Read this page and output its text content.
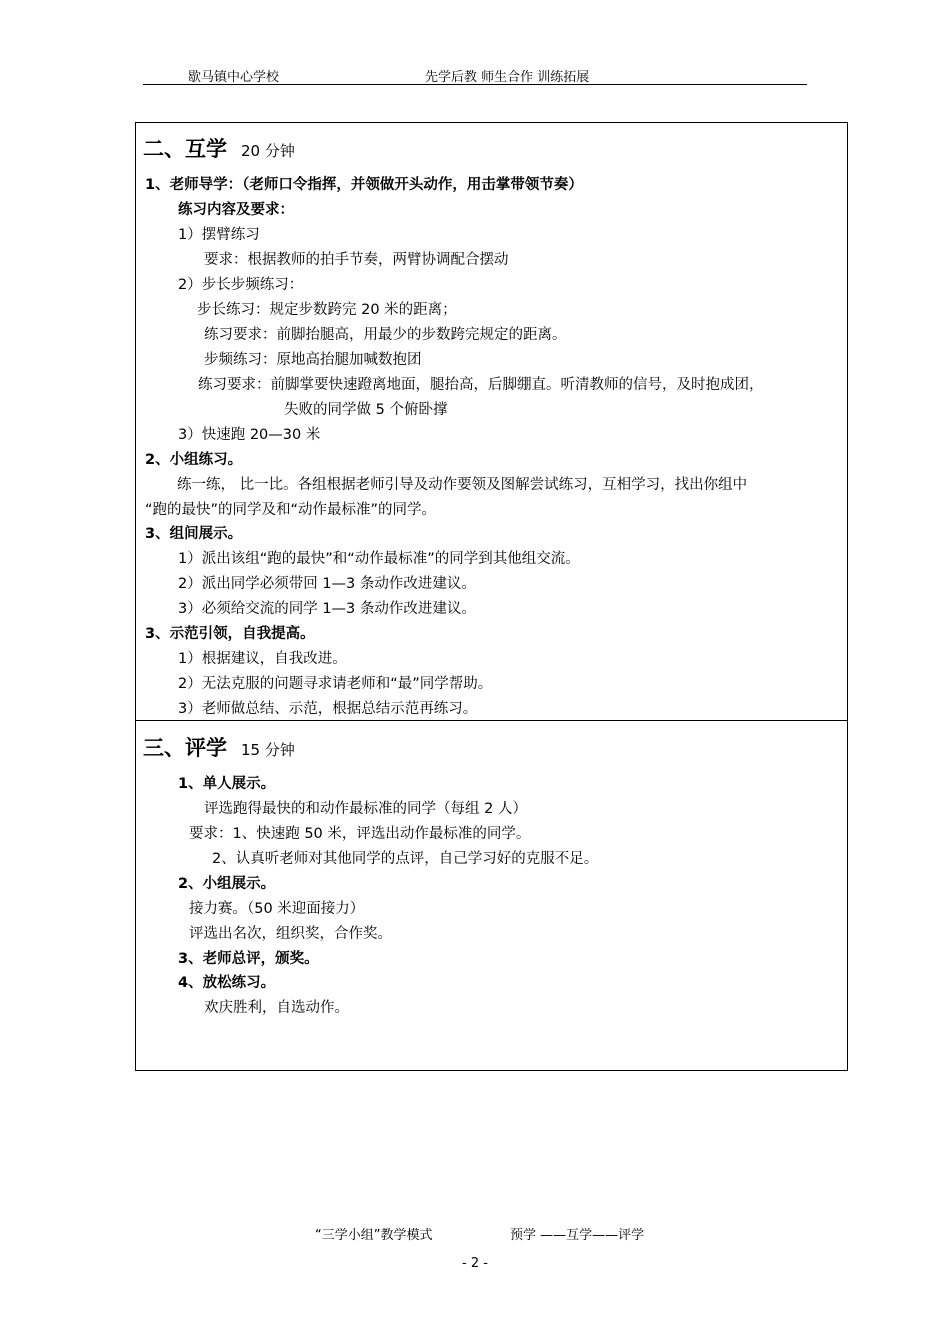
歇马镇中心学校	先学后教 师生合作 训练拓展
二、互学 20 分钟
1、老师导学：（老师口令指挥，并领做开头动作，用击掌带领节奏）
练习内容及要求：
1）摆臂练习
要求：根据教师的拍手节奏，两臂协调配合摆动
2）步长步频练习：
步长练习：规定步数跨完 20 米的距离；
练习要求：前脚抬腿高，用最少的步数跨完规定的距离。
步频练习：原地高抬腿加喊数抱团
练习要求：前脚掌要快速蹬离地面，腿抬高，后脚绷直。听清教师的信号，及时抱成团，
失败的同学做 5 个俯卧撑
3）快速跑 20—30 米
2、小组练习。
练一练， 比一比。各组根据老师引导及动作要领及图解尝试练习，互相学习，找出你组中
“跑的最快”的同学及和“动作最标准”的同学。
3、组间展示。
1）派出该组“跑的最快”和“动作最标准”的同学到其他组交流。
2）派出同学必须带回 1—3 条动作改进建议。
3）必须给交流的同学 1—3 条动作改进建议。
3、示范引领，自我提高。
1）根据建议，自我改进。
2）无法克服的问题寻求请老师和“最”同学帮助。
3）老师做总结、示范，根据总结示范再练习。
三、评学 15 分钟
1、单人展示。
评选跑得最快的和动作最标准的同学（每组 2 人）
要求：1、快速跑 50 米，评选出动作最标准的同学。
2、认真听老师对其他同学的点评，自己学习好的克服不足。
2、小组展示。
接力赛。（50 米迎面接力）
评选出名次，组织奖，合作奖。
3、老师总评，颁奖。
4、放松练习。
欢庆胜利，自选动作。
“三学小组”教学模式	预学 ——互学——评学
- 2 -
